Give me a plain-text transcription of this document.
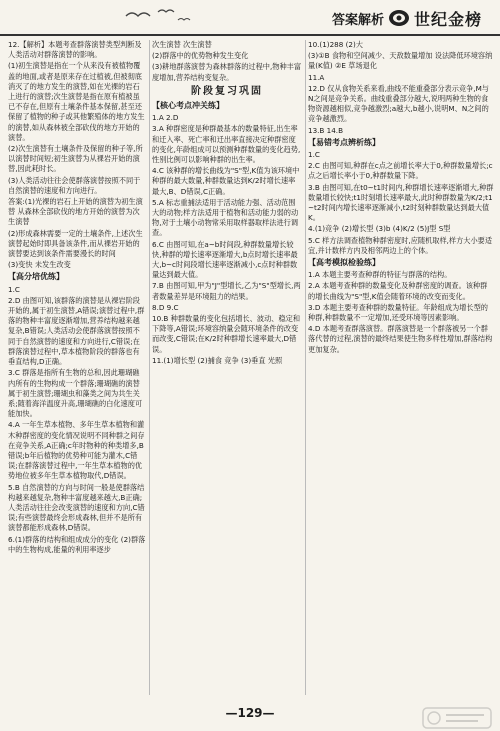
答案解析 世纪金榜

12.【解析】本题考查群落演替类型判断及人类活动对群落演替的影响。

(1)初生演替是指在一个从来没有被植物覆盖的地面,或者是原来存在过植被,但被彻底消灭了的地方发生的演替,如在光裸的岩石上进行的演替;次生演替是指在原有植被虽已不存在,但原有土壤条件基本保留,甚至还保留了植物的种子或其他繁殖体的地方发生的演替,如从森林被全部砍伐的地方开始的演替。

(2)次生演替有土壤条件及保留的种子等,所以演替时间短;初生演替为从裸岩开始的演替,因此耗时长。

(3)人类活动往往会使群落演替按照不同于自然演替的速度和方向进行。

答案:(1)光裸的岩石上开始的演替为初生演替 从森林全部砍伐的地方开始的演替为次生演替

(2)形成森林需要一定的土壤条件,上述次生演替起始时即具备该条件,而从裸岩开始的演替要达到该条件需要漫长的时间

(3)变快 未发生改变

【高分培优练】

1.C

2.D 由图可知,该群落的演替是从裸岩阶段开始的,属于初生演替,A错误;演替过程中,群落的物种丰富度逐渐增加,营养结构越来越复杂,B错误;人类活动会使群落演替按照不同于自然演替的速度和方向进行,C错误;在群落演替过程中,草本植物阶段的群落也有垂直结构,D正确。

3.C 群落是指所有生物的总和,因此珊瑚礁内所有的生物构成一个群落;珊瑚礁的演替属于初生演替;珊瑚虫和藻类之间为共生关系;随着海洋温度升高,珊瑚礁的白化速度可能加快。

4.A 一年生草本植物、多年生草本植物和灌木种群密度的变化情况说明不同种群之间存在竞争关系,A正确;c年时物种的种类增多,B错误;b年后植物的优势种可能为灌木,C错误;在群落演替过程中,一年生草本植物的优势地位被多年生草本植物取代,D错误。

5.B 自然演替的方向与时间一般是使群落结构越来越复杂,物种丰富度越来越大,B正确;人类活动往往会改变演替的速度和方向,C错误;有些演替最终会形成森林,但并不是所有演替都能形成森林,D错误。

6.(1)群落的结构和组成成分的变化 (2)群落中的生物构成,能量的利用率逐步

次生演替 次生演替

(2)群落中的优势物种发生变化

(3)耕地群落演替为森林群落的过程中,物种丰富度增加,营养结构变复杂。

阶段复习巩固
【核心考点冲关练】

1.A 2.D

3.A 种群密度是种群最基本的数量特征,出生率和迁入率、死亡率和迁出率直接决定种群密度的变化,年龄组成可以预测种群数量的变化趋势,性别比例可以影响种群的出生率。

4.C 该种群的增长曲线为"S"型,K值为该环境中种群的最大数量,种群数量达到K/2时增长速率最大,B、D错误,C正确。

5.A 标志重捕法适用于活动能力强、活动范围大的动物;样方法适用于植物和活动能力弱的动物,对于土壤小动物常采用取样器取样法进行调查。

6.C 由图可知,在a~b时间段,种群数量增长较快,种群的增长速率逐渐增大,b点时增长速率最大,b~c时间段增长速率逐渐减小,c点时种群数量达到最大值。

7.B 由图可知,甲为"J"型增长,乙为"S"型增长,两者数量差异是环境阻力的结果。

8.D 9.C

10.B 种群数量的变化包括增长、波动、稳定和下降等,A错误;环境容纳量会随环境条件的改变而改变,C错误;在K/2时种群增长速率最大,D错误。

11.(1)增长型 (2)捕食 竞争 (3)垂直 光照

10.(1)288 (2)大

(3)①B 食物和空间减少、天敌数量增加 设法降低环境容纳量(K值) ②E 草场退化

11.A

12.D 仅从食物关系来看,曲线不能重叠部分表示竞争,M与N之间是竞争关系。曲线重叠部分越大,说明两种生物的食物资源越相似,竞争越激烈;a越大,b越小,说明M、N之间的竞争越激烈。

13.B 14.B

【易错考点辨析练】

1.C

2.C 由图可知,种群在c点之前增长率大于0,种群数量增长;c点之后增长率小于0,种群数量下降。

3.B 由图可知,在t0~t1时间内,种群增长速率逐渐增大,种群数量增长较快;t1时刻增长速率最大,此时种群数量为K/2;t1~t2时间内增长速率逐渐减小,t2时刻种群数量达到最大值K。

4.(1)竞争 (2)增长型 (3)b (4)K/2 (5)J型 S型

5.C 样方法调查植物种群密度时,应随机取样,样方大小要适宜,并计数样方内及相邻两边上的个体。

【高考模拟检验练】

1.A 本题主要考查种群的特征与群落的结构。

2.A 本题考查种群的数量变化及种群密度的调查。该种群的增长曲线为"S"型,K值会随着环境的改变而变化。

3.D 本题主要考查种群的数量特征。年龄组成为增长型的种群,种群数量不一定增加,还受环境等因素影响。

4.D 本题考查群落演替。群落演替是一个群落被另一个群落代替的过程,演替的最终结果使生物多样性增加,群落结构更加复杂。

—129—
